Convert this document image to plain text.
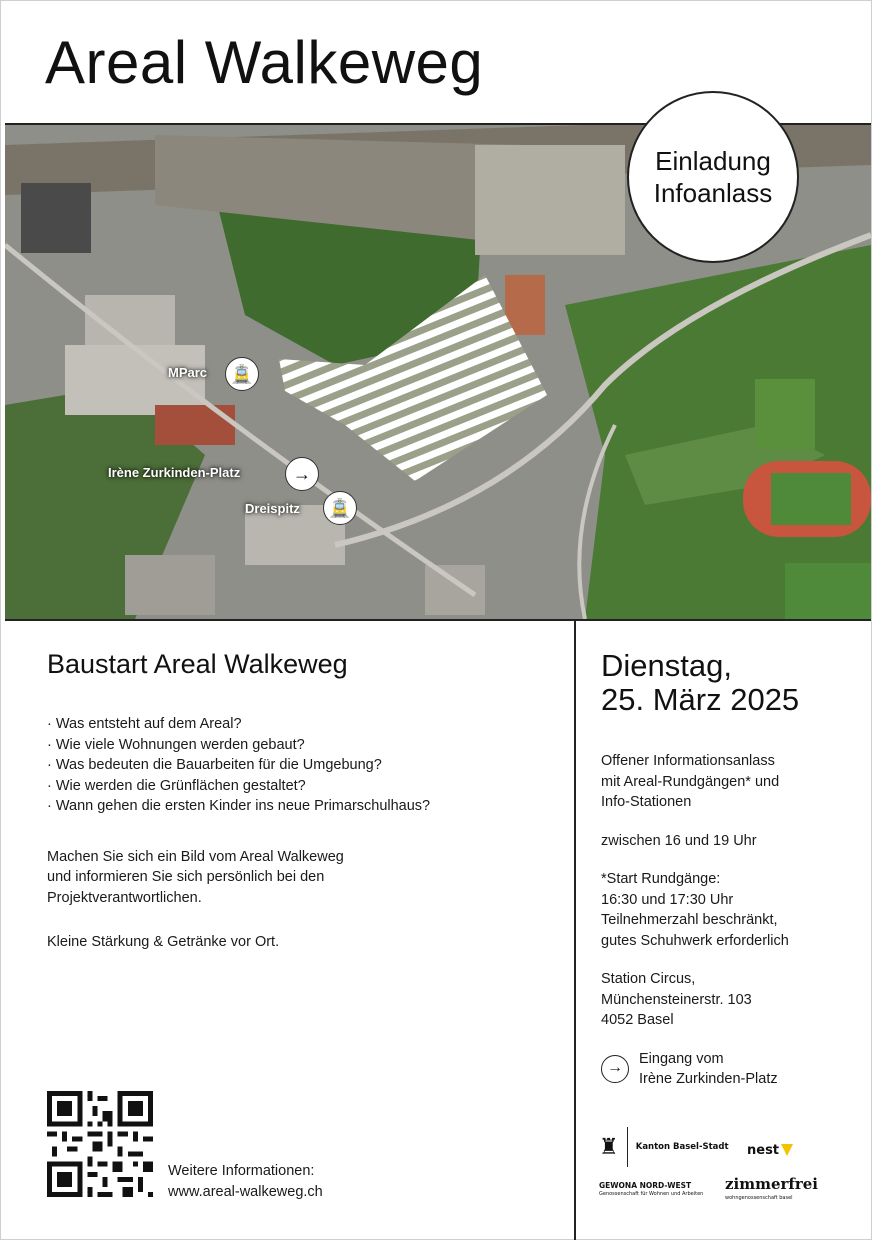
Areal Walkeweg
MParc	🚊
Irène Zurkinden-Platz	→
Dreispitz	🚊
Einladung
Infoanlass
Baustart Areal Walkeweg
· Was entsteht auf dem Areal?
· Wie viele Wohnungen werden gebaut?
· Was bedeuten die Bauarbeiten für die Umgebung?
· Wie werden die Grünflächen gestaltet?
· Wann gehen die ersten Kinder ins neue Primarschulhaus?
Machen Sie sich ein Bild vom Areal Walkeweg
und informieren Sie sich persönlich bei den
Projektverantwortlichen.
Kleine Stärkung & Getränke vor Ort.
Weitere Informationen:
www.areal-walkeweg.ch
Dienstag,
25. März 2025
Offener Informationsanlass
mit Areal-Rundgängen* und
Info-Stationen
zwischen 16 und 19 Uhr
*Start Rundgänge:
16:30 und 17:30 Uhr
Teilnehmerzahl beschränkt,
gutes Schuhwerk erforderlich
Station Circus,
Münchensteinerstr. 103
4052 Basel
→
Eingang vom
Irène Zurkinden-Platz
♜ Kanton Basel-Stadt nest
GEWONA NORD-WEST
Genossenschaft für Wohnen und Arbeiten
zimmerfrei
wohngenossenschaft basel
